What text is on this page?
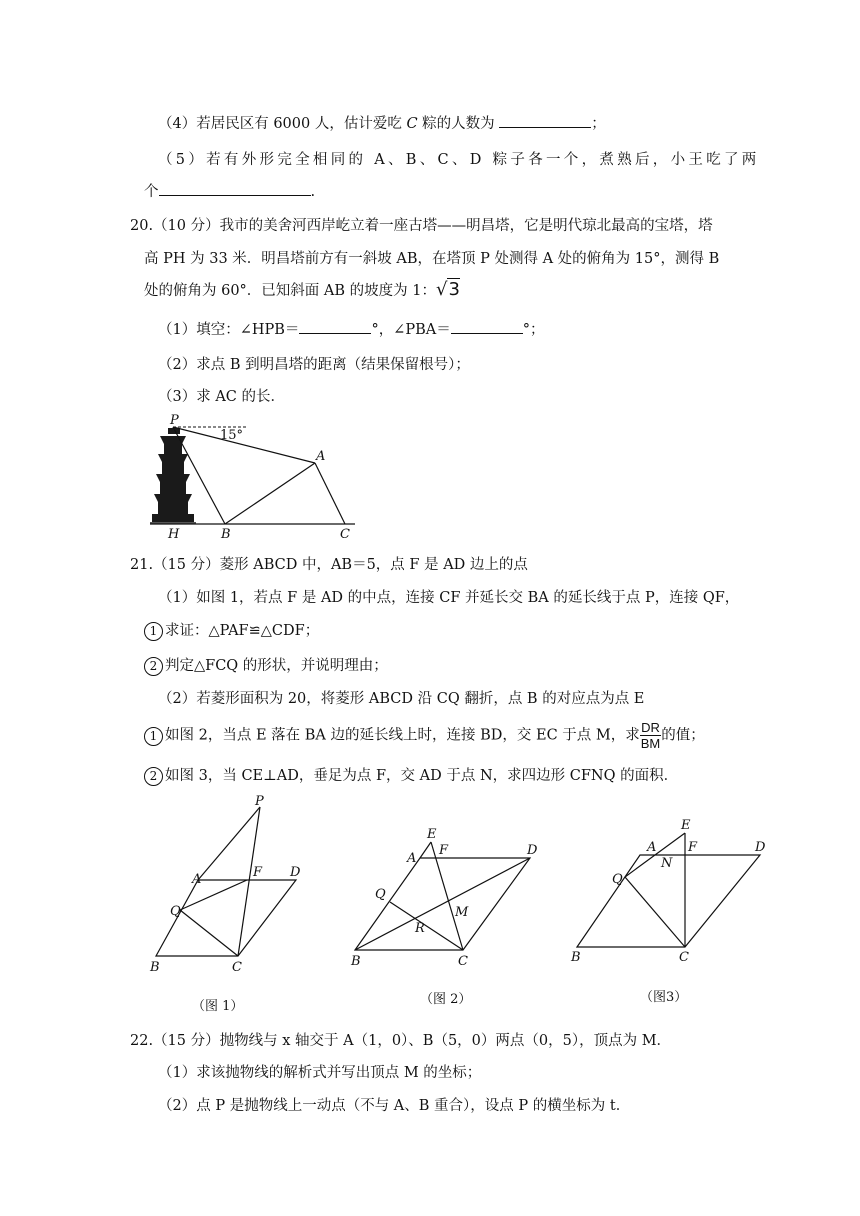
（4）若居民区有 6000 人，估计爱吃 C 粽的人数为	；
（5）若有外形完全相同的 A、B、C、D 粽子各一个，煮熟后，小王吃了两
个	.
20.（10 分）我市的美舍河西岸屹立着一座古塔——明昌塔，它是明代琼北最高的宝塔，塔
高 PH 为 33 米．明昌塔前方有一斜坡 AB，在塔顶 P 处测得 A 处的俯角为 15°，测得 B
处的俯角为 60°．已知斜面 AB 的坡度为 1：√3
（1）填空：∠HPB＝	°，∠PBA＝	°；
（2）求点 B 到明昌塔的距离（结果保留根号）；
（3）求 AC 的长．
P
H	B
A
C
15°
21.（15 分）菱形 ABCD 中，AB＝5，点 F 是 AD 边上的点
（1）如图 1，若点 F 是 AD 的中点，连接 CF 并延长交 BA 的延长线于点 P，连接 QF，
1 求证：△PAF≌△CDF；
2 判定△FCQ 的形状，并说明理由；
（2）若菱形面积为 20，将菱形 ABCD 沿 CQ 翻折，点 B 的对应点为点 E
1 如图 2，当点 E 落在 BA 边的延长线上时，连接 BD，交 EC 于点 M，求 $\frac{DR}{BM}$ 的值；
2 如图 3，当 CE⊥AD，垂足为点 F，交 AD 于点 N，求四边形 CFNQ 的面积．
P
A	F D
Q
B	C
（图 1）
E
A
F	D
Q
M
R
B	C
（图 2）
E
A
N
F	D
Q
B	C
（图3）
22.（15 分）抛物线与 x 轴交于 A（1，0）、B（5，0）两点（0，5），顶点为 M．
（1）求该抛物线的解析式并写出顶点 M 的坐标；
（2）点 P 是抛物线上一动点（不与 A、B 重合），设点 P 的横坐标为 t．
